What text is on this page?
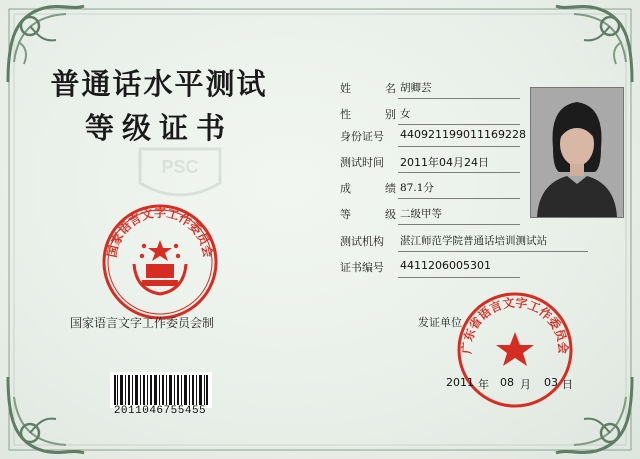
普通话水平测试
等级证书
PSC
国家语言文字工作委员会
国家语言文字工作委员会制
2011046755455
姓	名 胡卿芸
性	别 女
身份证号	440921199011169228
测试时间	2011年04月24日
成	绩 87.1分
等	级 二级甲等
测试机构	湛江师范学院普通话培训测试站
证书编号	4411206005301
发证单位
广东省语言文字工作委员会
2011 年 08 月 03 日
